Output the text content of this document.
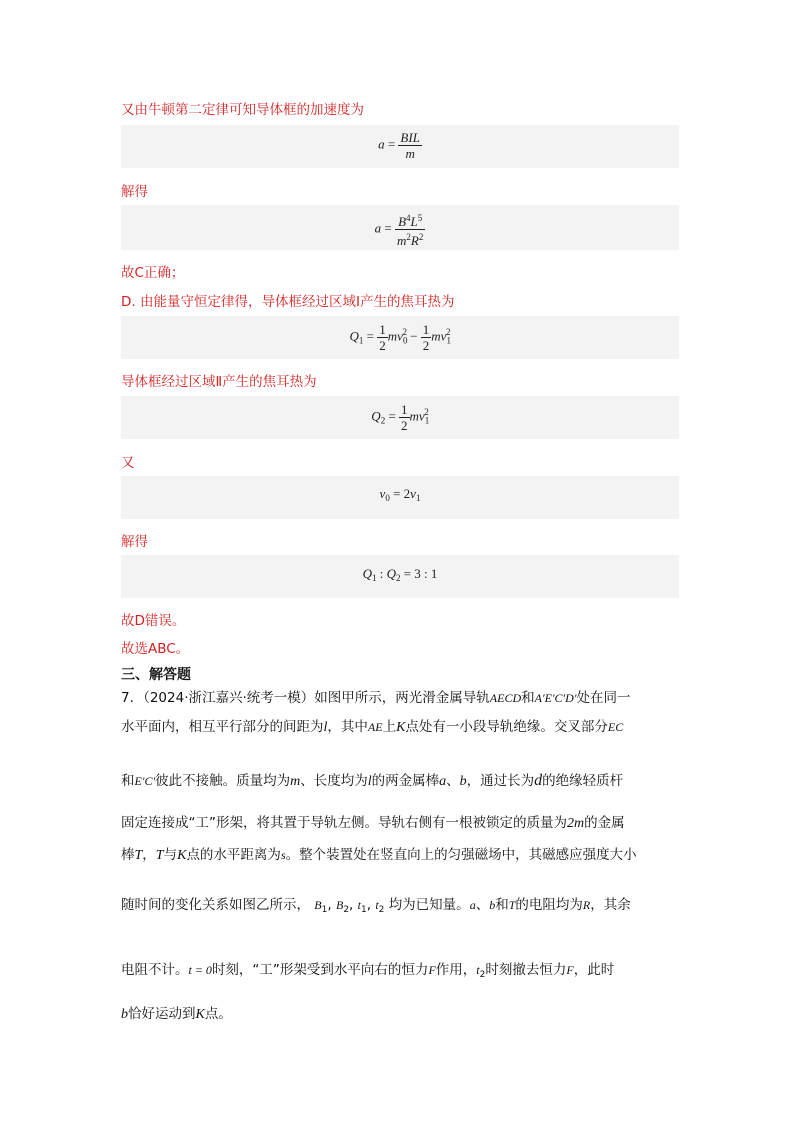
又由牛顿第二定律可知导体框的加速度为
$a = \frac{\text{BIL}}{m}$
解得
$a = \frac{B^4L^5}{m^2R^2}$
故C正确；
D. 由能量守恒定律得，导体框经过区域Ⅰ产生的焦耳热为
$Q_1 = \frac{1}{2} mv_0^2 - \frac{1}{2} mv_1^2$
导体框经过区域Ⅱ产生的焦耳热为
$Q_2 = \frac{1}{2} mv_1^2$
又
$v_0 = 2v_1$
解得
$Q_1$ : $Q_2 = 3$ : 1
故D错误。
故选ABC。
三、解答题
7．（2024·浙江嘉兴·统考一模）如图甲所示，两光滑金属导轨AECD和A′E′C′D′处在同一
水平面内，相互平行部分的间距为l，其中AE上K点处有一小段导轨绝缘。交叉部分EC
和E′C′彼此不接触。质量均为m、长度均为l的两金属棒a、b，通过长为d的绝缘轻质杆
固定连接成“工”形架，将其置于导轨左侧。导轨右侧有一根被锁定的质量为2m的金属
棒T，T与K点的水平距离为s。整个装置处在竖直向上的匀强磁场中，其磁感应强度大小
随时间的变化关系如图乙所示， $B_1$, $B_2$, $t_1$, $t_2$ 均为已知量。a、b和T的电阻均为R，其余
电阻不计。t = 0时刻，“工”形架受到水平向右的恒力F作用，$t_2$时刻撤去恒力F，此时
b恰好运动到K点。
